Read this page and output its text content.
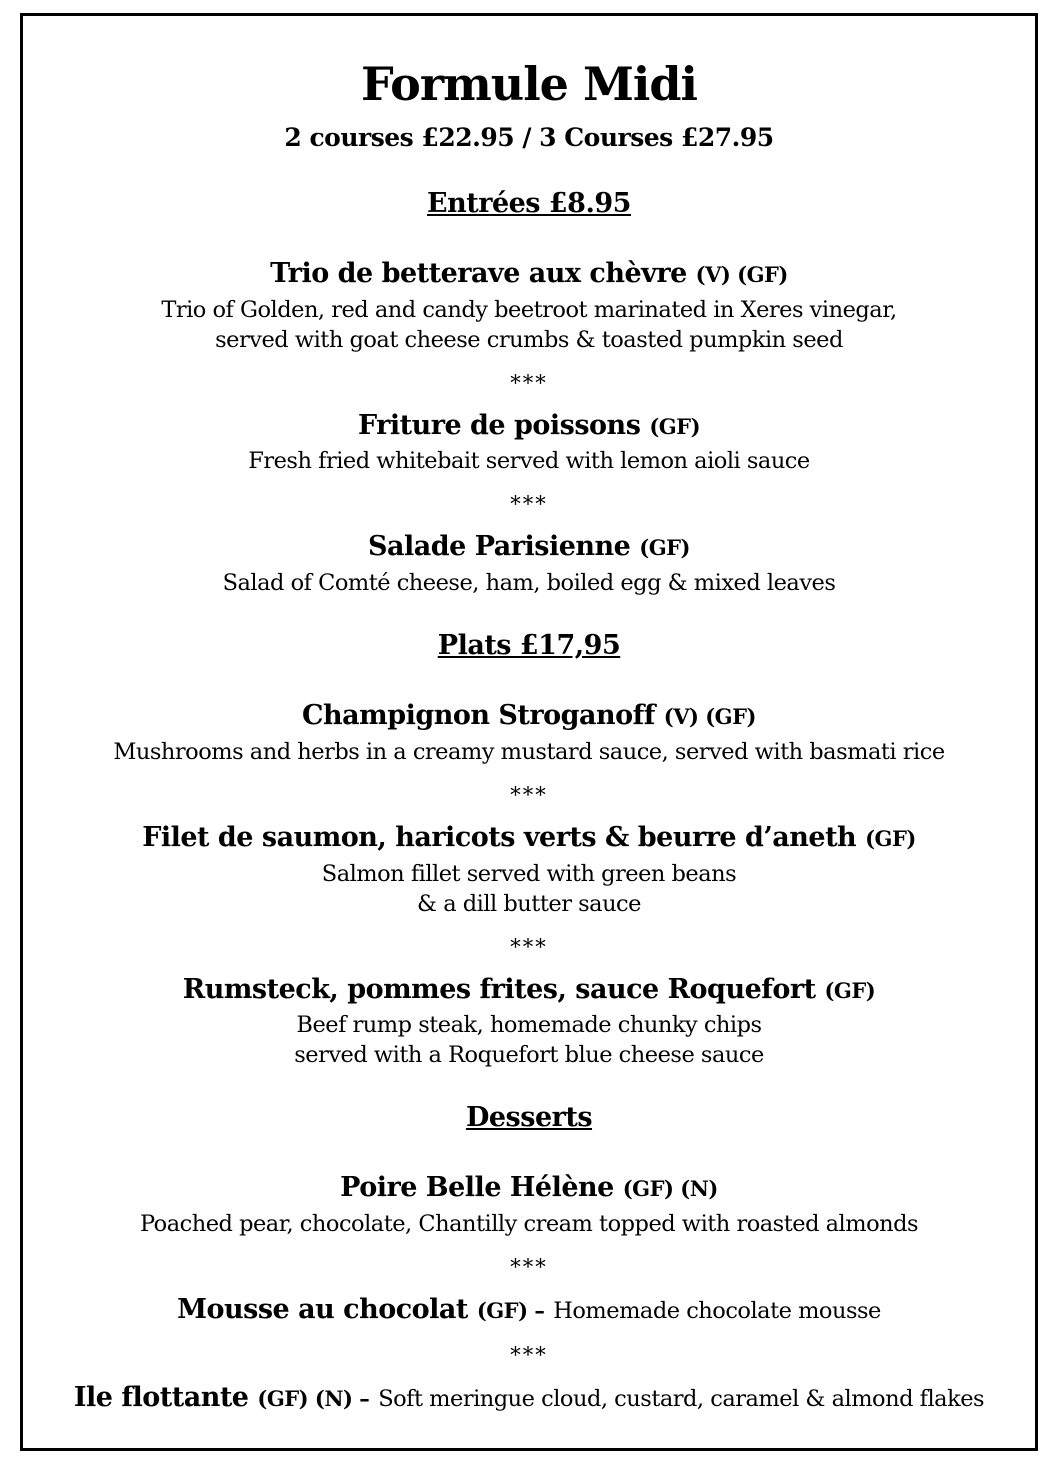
Formule Midi
2 courses £22.95 / 3 Courses £27.95
Entrées £8.95
Trio de betterave aux chèvre (V) (GF)
Trio of Golden, red and candy beetroot marinated in Xeres vinegar,
served with goat cheese crumbs & toasted pumpkin seed
***
Friture de poissons (GF)
Fresh fried whitebait served with lemon aioli sauce
***
Salade Parisienne (GF)
Salad of Comté cheese, ham, boiled egg & mixed leaves
Plats £17,95
Champignon Stroganoff (V) (GF)
Mushrooms and herbs in a creamy mustard sauce, served with basmati rice
***
Filet de saumon, haricots verts & beurre d’aneth (GF)
Salmon fillet served with green beans
& a dill butter sauce
***
Rumsteck, pommes frites, sauce Roquefort (GF)
Beef rump steak, homemade chunky chips
served with a Roquefort blue cheese sauce
Desserts
Poire Belle Hélène (GF) (N)
Poached pear, chocolate, Chantilly cream topped with roasted almonds
***
Mousse au chocolat (GF) – Homemade chocolate mousse
***
Ile flottante (GF) (N) – Soft meringue cloud, custard, caramel & almond flakes
